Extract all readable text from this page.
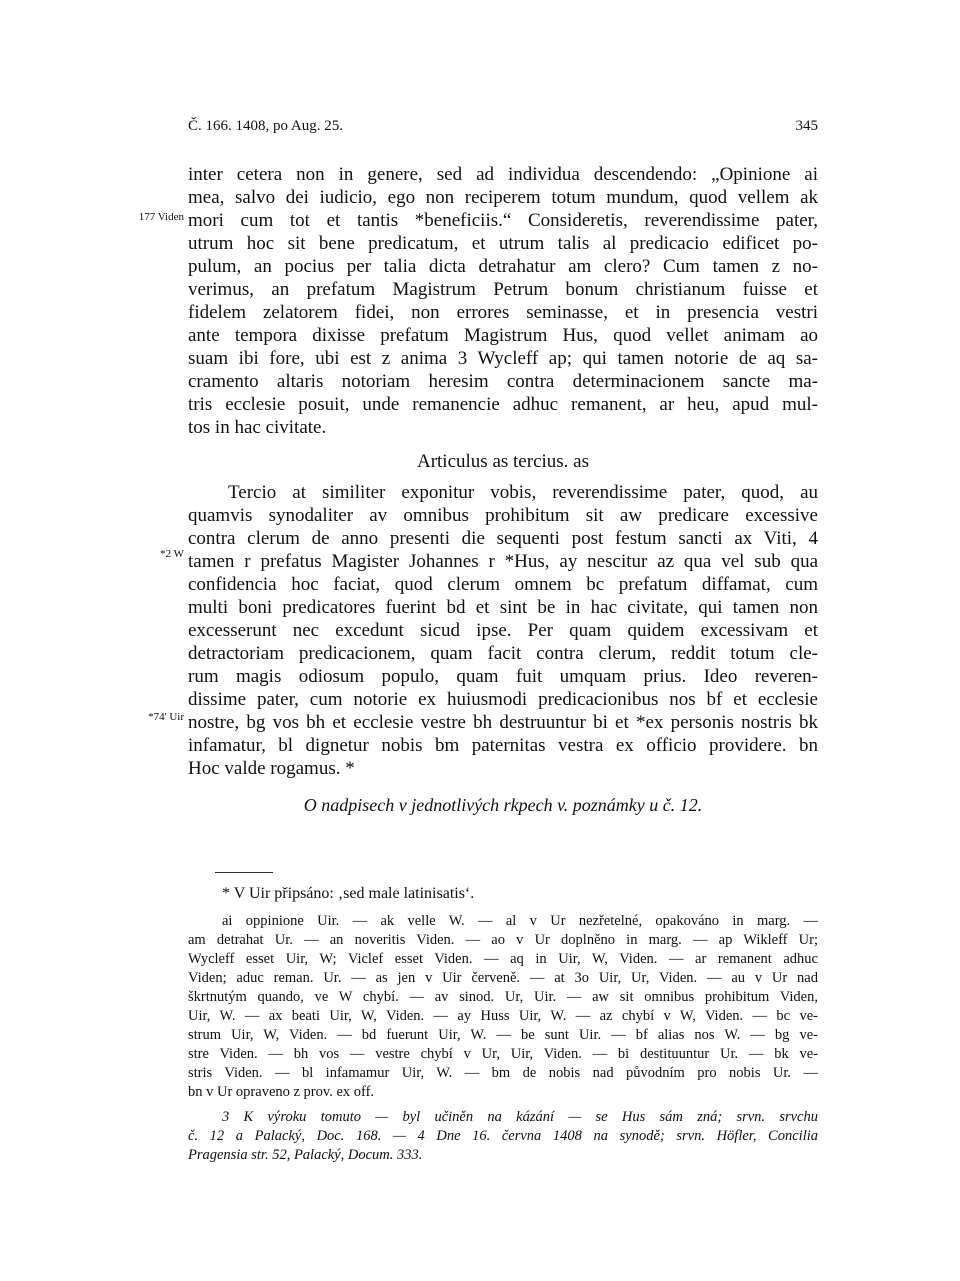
Č. 166. 1408, po Aug. 25.	345
177 Viden
*2 W
*74' Uir
inter cetera non in genere, sed ad individua descendendo: „Opinione ai
mea, salvo dei iudicio, ego non reciperem totum mundum, quod vellem ak
mori cum tot et tantis *beneficiis.“ Consideretis, reverendissime pater,
utrum hoc sit bene predicatum, et utrum talis al predicacio edificet po-
pulum, an pocius per talia dicta detrahatur am clero? Cum tamen z no-
verimus, an prefatum Magistrum Petrum bonum christianum fuisse et
fidelem zelatorem fidei, non errores seminasse, et in presencia vestri
ante tempora dixisse prefatum Magistrum Hus, quod vellet animam ao
suam ibi fore, ubi est z anima 3 Wycleff ap; qui tamen notorie de aq sa-
cramento altaris notoriam heresim contra determinacionem sancte ma-
tris ecclesie posuit, unde remanencie adhuc remanent, ar heu, apud mul-
tos in hac civitate.
Articulus as tercius. as
Tercio at similiter exponitur vobis, reverendissime pater, quod, au
quamvis synodaliter av omnibus prohibitum sit aw predicare excessive
contra clerum de anno presenti die sequenti post festum sancti ax Viti, 4
tamen r prefatus Magister Johannes r *Hus, ay nescitur az qua vel sub qua
confidencia hoc faciat, quod clerum omnem bc prefatum diffamat, cum
multi boni predicatores fuerint bd et sint be in hac civitate, qui tamen non
excesserunt nec excedunt sicud ipse. Per quam quidem excessivam et
detractoriam predicacionem, quam facit contra clerum, reddit totum cle-
rum magis odiosum populo, quam fuit umquam prius. Ideo reveren-
dissime pater, cum notorie ex huiusmodi predicacionibus nos bf et ecclesie
nostre, bg vos bh et ecclesie vestre bh destruuntur bi et *ex personis nostris bk
infamatur, bl dignetur nobis bm paternitas vestra ex officio providere. bn
Hoc valde rogamus. *
O nadpisech v jednotlivých rkpech v. poznámky u č. 12.
* V Uir připsáno: ‚sed male latinisatis‘.
ai oppinione Uir. — ak velle W. — al v Ur nezřetelné, opakováno in marg. —
am detrahat Ur. — an noveritis Viden. — ao v Ur doplněno in marg. — ap Wikleff Ur;
Wycleff esset Uir, W; Viclef esset Viden. — aq in Uir, W, Viden. — ar remanent adhuc
Viden; aduc reman. Ur. — as jen v Uir červeně. — at 3o Uir, Ur, Viden. — au v Ur nad
škrtnutým quando, ve W chybí. — av sinod. Ur, Uir. — aw sit omnibus prohibitum Viden,
Uir, W. — ax beati Uir, W, Viden. — ay Huss Uir, W. — az chybí v W, Viden. — bc ve-
strum Uir, W, Viden. — bd fuerunt Uir, W. — be sunt Uir. — bf alias nos W. — bg ve-
stre Viden. — bh vos — vestre chybí v Ur, Uir, Viden. — bi destituuntur Ur. — bk ve-
stris Viden. — bl infamamur Uir, W. — bm de nobis nad původním pro nobis Ur. —
bn v Ur opraveno z prov. ex off.
3 K výroku tomuto — byl učiněn na kázání — se Hus sám zná; srvn. srvchu
č. 12 a Palacký, Doc. 168. — 4 Dne 16. června 1408 na synodě; srvn. Höfler, Concilia
Pragensia str. 52, Palacký, Docum. 333.
